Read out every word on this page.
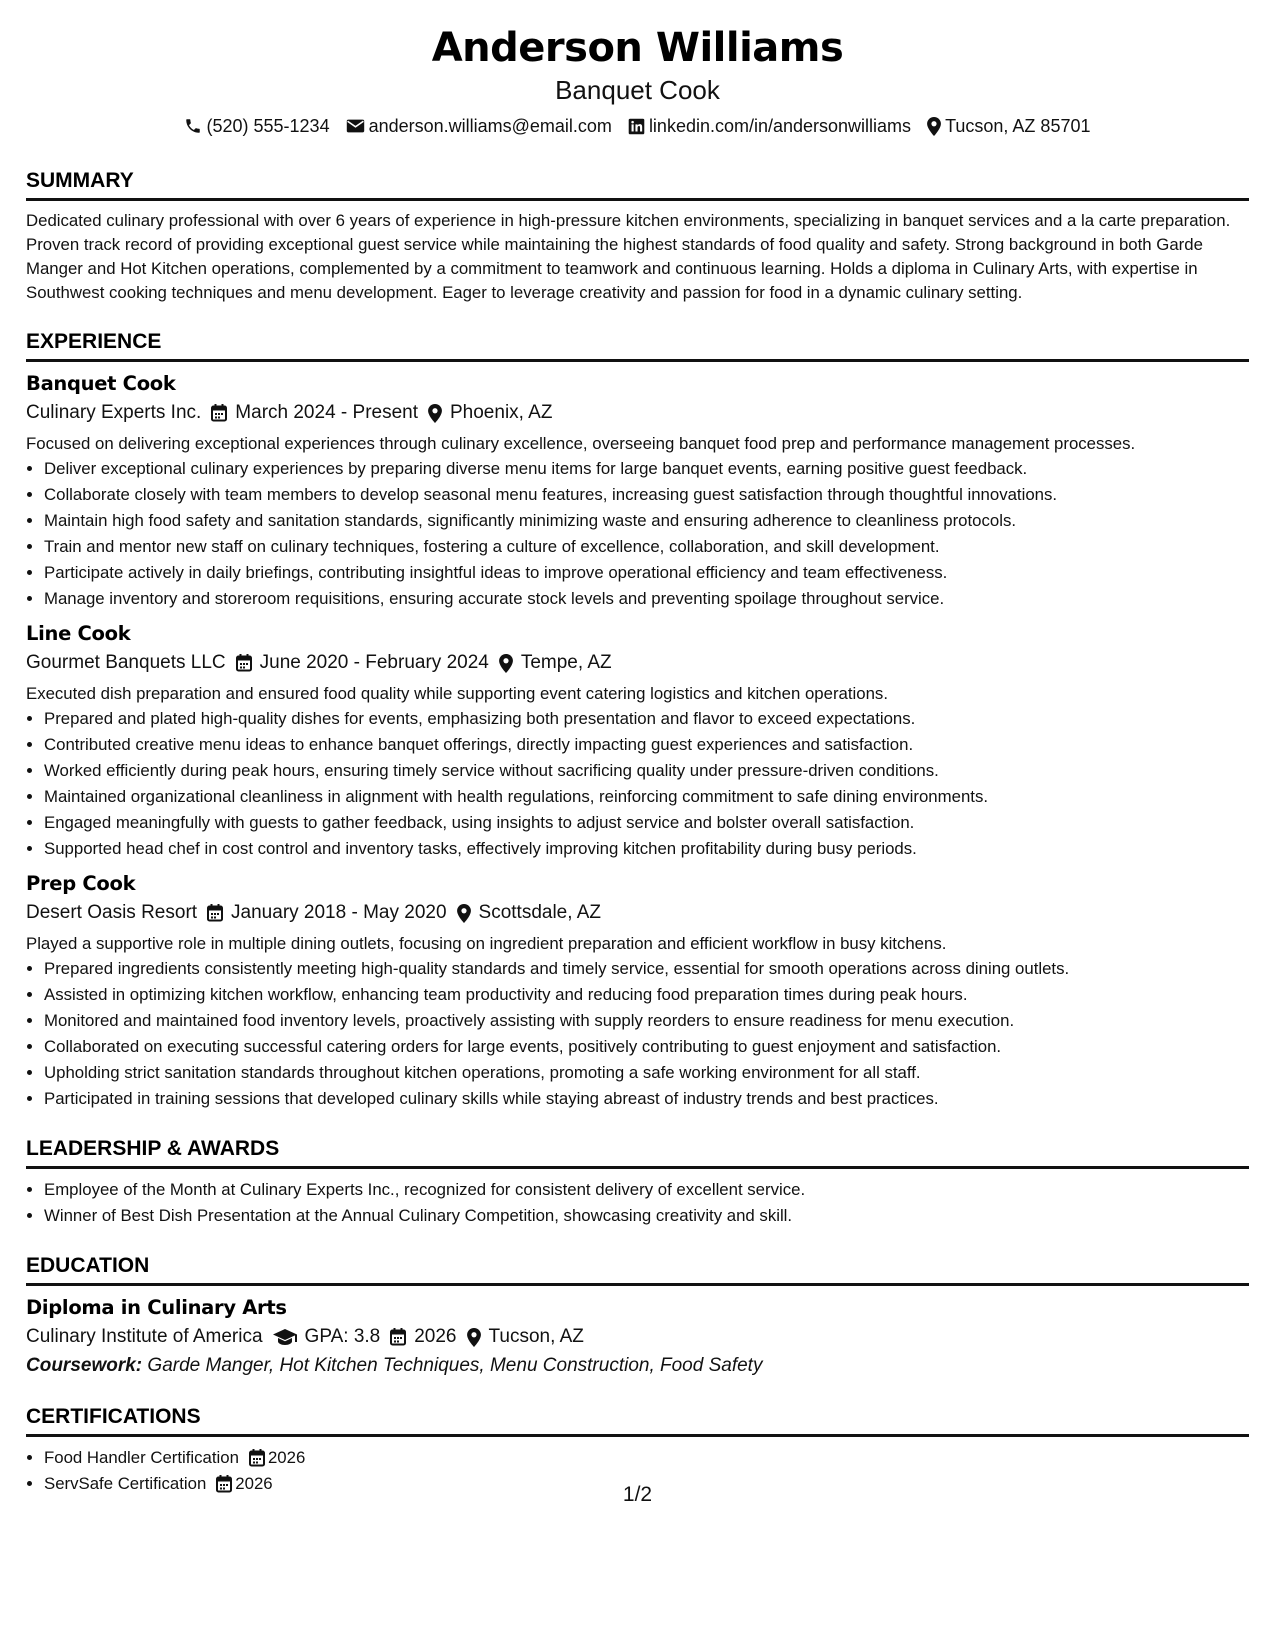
Anderson Williams
Banquet Cook
(520) 555-1234 anderson.williams@email.com linkedin.com/in/andersonwilliams Tucson, AZ 85701
SUMMARY
Dedicated culinary professional with over 6 years of experience in high-pressure kitchen environments, specializing in banquet services and a la carte preparation. Proven track record of providing exceptional guest service while maintaining the highest standards of food quality and safety. Strong background in both Garde Manger and Hot Kitchen operations, complemented by a commitment to teamwork and continuous learning. Holds a diploma in Culinary Arts, with expertise in Southwest cooking techniques and menu development. Eager to leverage creativity and passion for food in a dynamic culinary setting.
EXPERIENCE
Banquet Cook
Culinary Experts Inc. March 2024 - Present Phoenix, AZ
Focused on delivering exceptional experiences through culinary excellence, overseeing banquet food prep and performance management processes.
• Deliver exceptional culinary experiences by preparing diverse menu items for large banquet events, earning positive guest feedback.
• Collaborate closely with team members to develop seasonal menu features, increasing guest satisfaction through thoughtful innovations.
• Maintain high food safety and sanitation standards, significantly minimizing waste and ensuring adherence to cleanliness protocols.
• Train and mentor new staff on culinary techniques, fostering a culture of excellence, collaboration, and skill development.
• Participate actively in daily briefings, contributing insightful ideas to improve operational efficiency and team effectiveness.
• Manage inventory and storeroom requisitions, ensuring accurate stock levels and preventing spoilage throughout service.
Line Cook
Gourmet Banquets LLC June 2020 - February 2024 Tempe, AZ
Executed dish preparation and ensured food quality while supporting event catering logistics and kitchen operations.
• Prepared and plated high-quality dishes for events, emphasizing both presentation and flavor to exceed expectations.
• Contributed creative menu ideas to enhance banquet offerings, directly impacting guest experiences and satisfaction.
• Worked efficiently during peak hours, ensuring timely service without sacrificing quality under pressure-driven conditions.
• Maintained organizational cleanliness in alignment with health regulations, reinforcing commitment to safe dining environments.
• Engaged meaningfully with guests to gather feedback, using insights to adjust service and bolster overall satisfaction.
• Supported head chef in cost control and inventory tasks, effectively improving kitchen profitability during busy periods.
Prep Cook
Desert Oasis Resort January 2018 - May 2020 Scottsdale, AZ
Played a supportive role in multiple dining outlets, focusing on ingredient preparation and efficient workflow in busy kitchens.
• Prepared ingredients consistently meeting high-quality standards and timely service, essential for smooth operations across dining outlets.
• Assisted in optimizing kitchen workflow, enhancing team productivity and reducing food preparation times during peak hours.
• Monitored and maintained food inventory levels, proactively assisting with supply reorders to ensure readiness for menu execution.
• Collaborated on executing successful catering orders for large events, positively contributing to guest enjoyment and satisfaction.
• Upholding strict sanitation standards throughout kitchen operations, promoting a safe working environment for all staff.
• Participated in training sessions that developed culinary skills while staying abreast of industry trends and best practices.
LEADERSHIP & AWARDS
• Employee of the Month at Culinary Experts Inc., recognized for consistent delivery of excellent service.
• Winner of Best Dish Presentation at the Annual Culinary Competition, showcasing creativity and skill.
EDUCATION
Diploma in Culinary Arts
Culinary Institute of America GPA: 3.8 2026 Tucson, AZ
Coursework: Garde Manger, Hot Kitchen Techniques, Menu Construction, Food Safety
CERTIFICATIONS
• Food Handler Certification 2026
• ServSafe Certification 2026	1/2
